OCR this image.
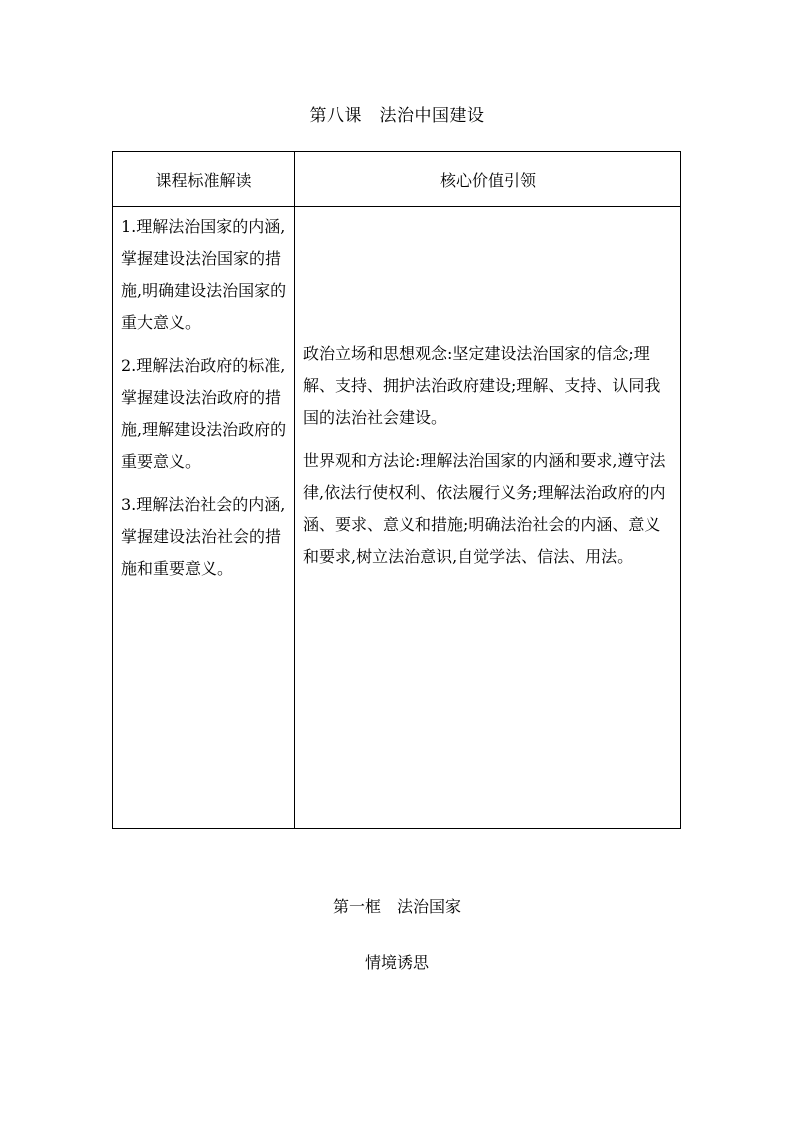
第八课　法治中国建设
课程标准解读	核心价值引领

1.理解法治国家的内涵,掌握建设法治国家的措施,明确建设法治国家的重大意义。

2.理解法治政府的标准,掌握建设法治政府的措施,理解建设法治政府的重要意义。

3.理解法治社会的内涵,掌握建设法治社会的措施和重要意义。

政治立场和思想观念:坚定建设法治国家的信念;理解、支持、拥护法治政府建设;理解、支持、认同我国的法治社会建设。

世界观和方法论:理解法治国家的内涵和要求,遵守法律,依法行使权利、依法履行义务;理解法治政府的内涵、要求、意义和措施;明确法治社会的内涵、意义和要求,树立法治意识,自觉学法、信法、用法。

第一框　法治国家
情境诱思
